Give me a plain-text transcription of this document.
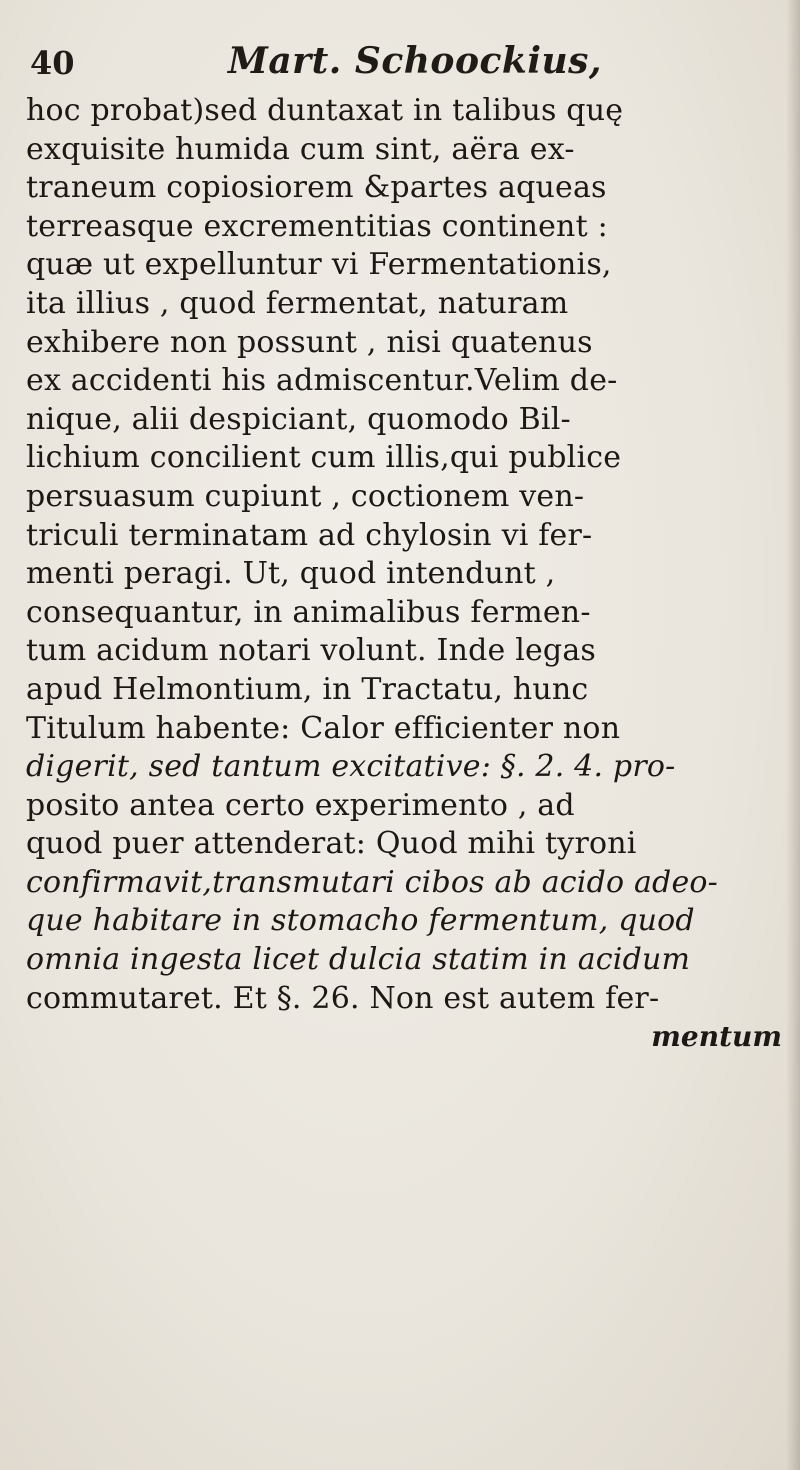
40	Mart. Schoockius,
hoc probat)sed duntaxat in talibus quę
exquisite humida cum sint, aëra ex-
traneum copiosiorem &partes aqueas
terreasque excrementitias continent :
quæ ut expelluntur vi Fermentationis,
ita illius , quod fermentat, naturam
exhibere non possunt , nisi quatenus
ex accidenti his admiscentur.Velim de-
nique, alii despiciant, quomodo Bil-
lichium concilient cum illis,qui publice
persuasum cupiunt , coctionem ven-
triculi terminatam ad chylosin vi fer-
menti peragi. Ut, quod intendunt ,
consequantur, in animalibus fermen-
tum acidum notari volunt. Inde legas
apud Helmontium, in Tractatu, hunc
Titulum habente: Calor efficienter non
digerit, sed tantum excitative: §. 2. 4. pro-
posito antea certo experimento , ad
quod puer attenderat: Quod mihi tyroni
confirmavit,transmutari cibos ab acido adeo-
que habitare in stomacho fermentum, quod
omnia ingesta licet dulcia statim in acidum
commutaret. Et §. 26. Non est autem fer-
mentum
